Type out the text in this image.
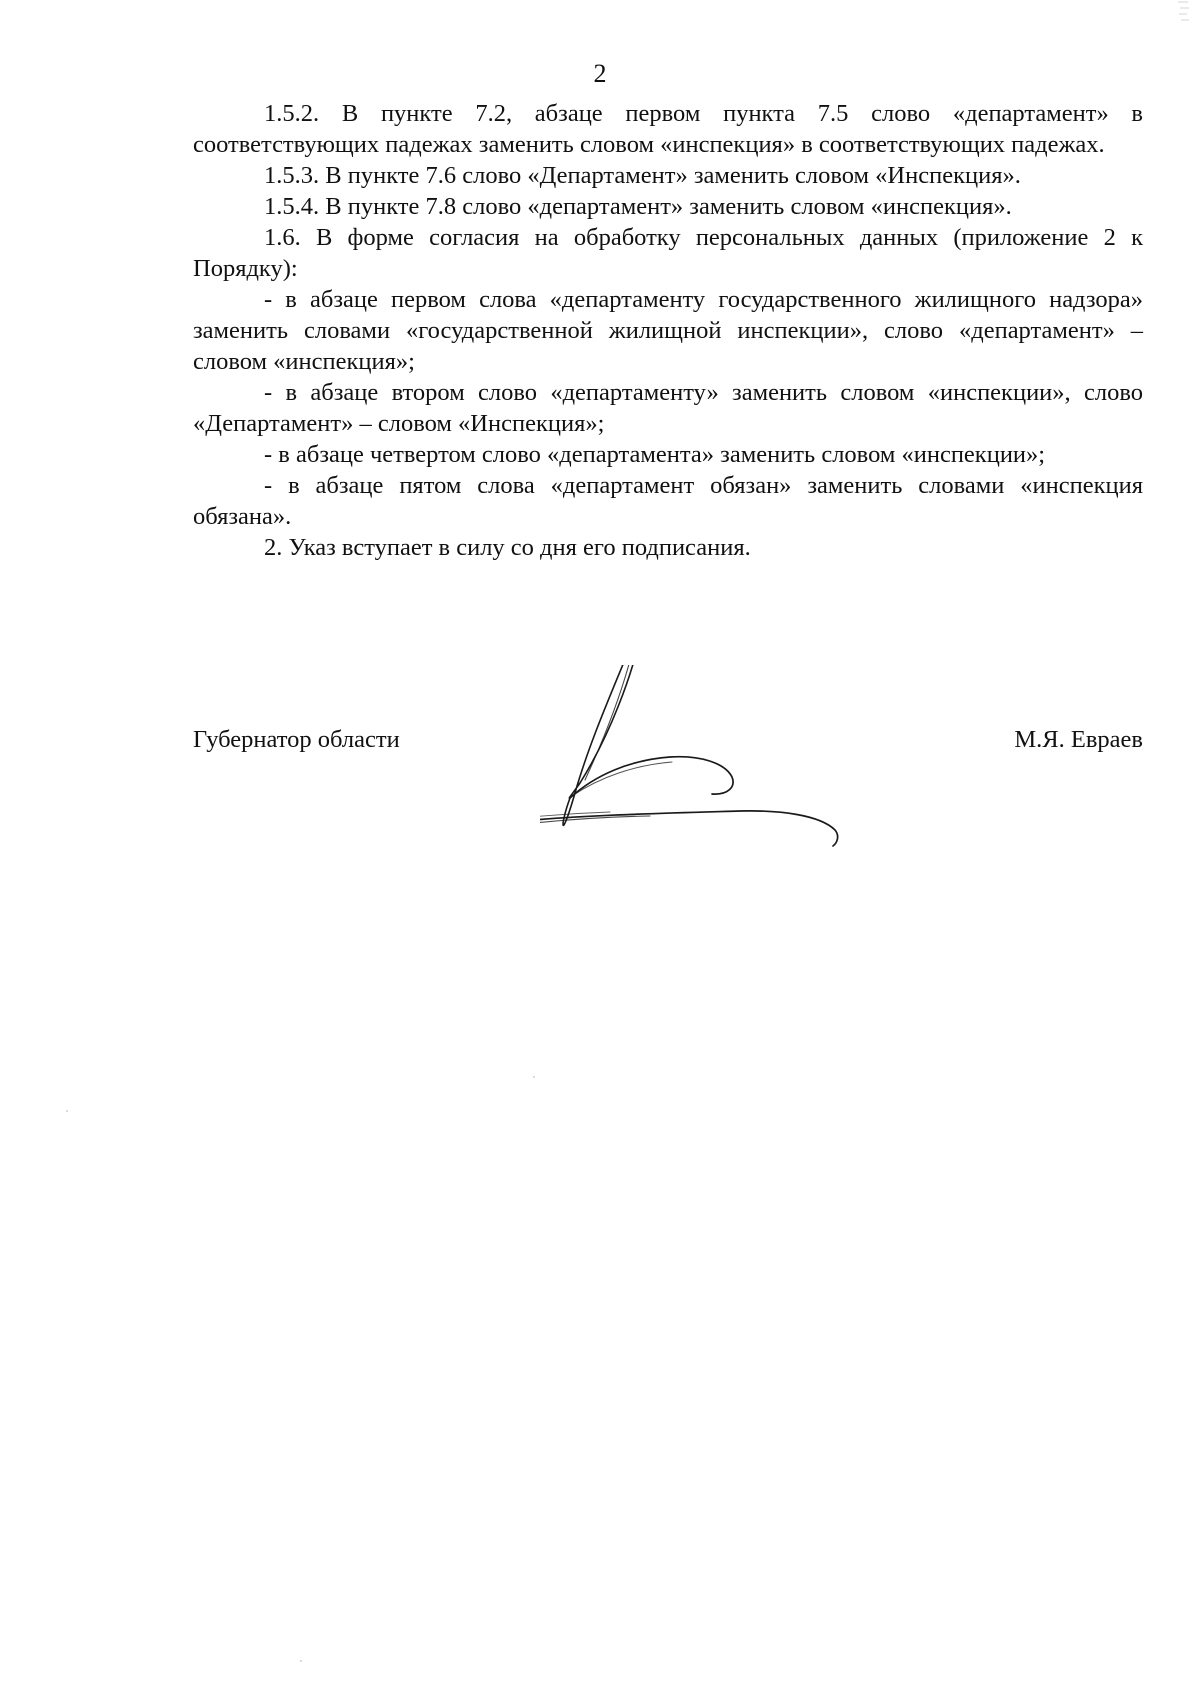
2

1.5.2. В пункте 7.2, абзаце первом пункта 7.5 слово «департамент» в соответствующих падежах заменить словом «инспекция» в соответствующих падежах.

1.5.3. В пункте 7.6 слово «Департамент» заменить словом «Инспекция».

1.5.4. В пункте 7.8 слово «департамент» заменить словом «инспекция».

1.6. В форме согласия на обработку персональных данных (приложение 2 к Порядку):

- в абзаце первом слова «департаменту государственного жилищного надзора» заменить словами «государственной жилищной инспекции», слово «департамент» – словом «инспекция»;

- в абзаце втором слово «департаменту» заменить словом «инспекции», слово «Департамент» – словом «Инспекция»;

- в абзаце четвертом слово «департамента» заменить словом «инспекции»;

- в абзаце пятом слова «департамент обязан» заменить словами «инспекция обязана».

2. Указ вступает в силу со дня его подписания.

Губернатор области	М.Я. Евраев
